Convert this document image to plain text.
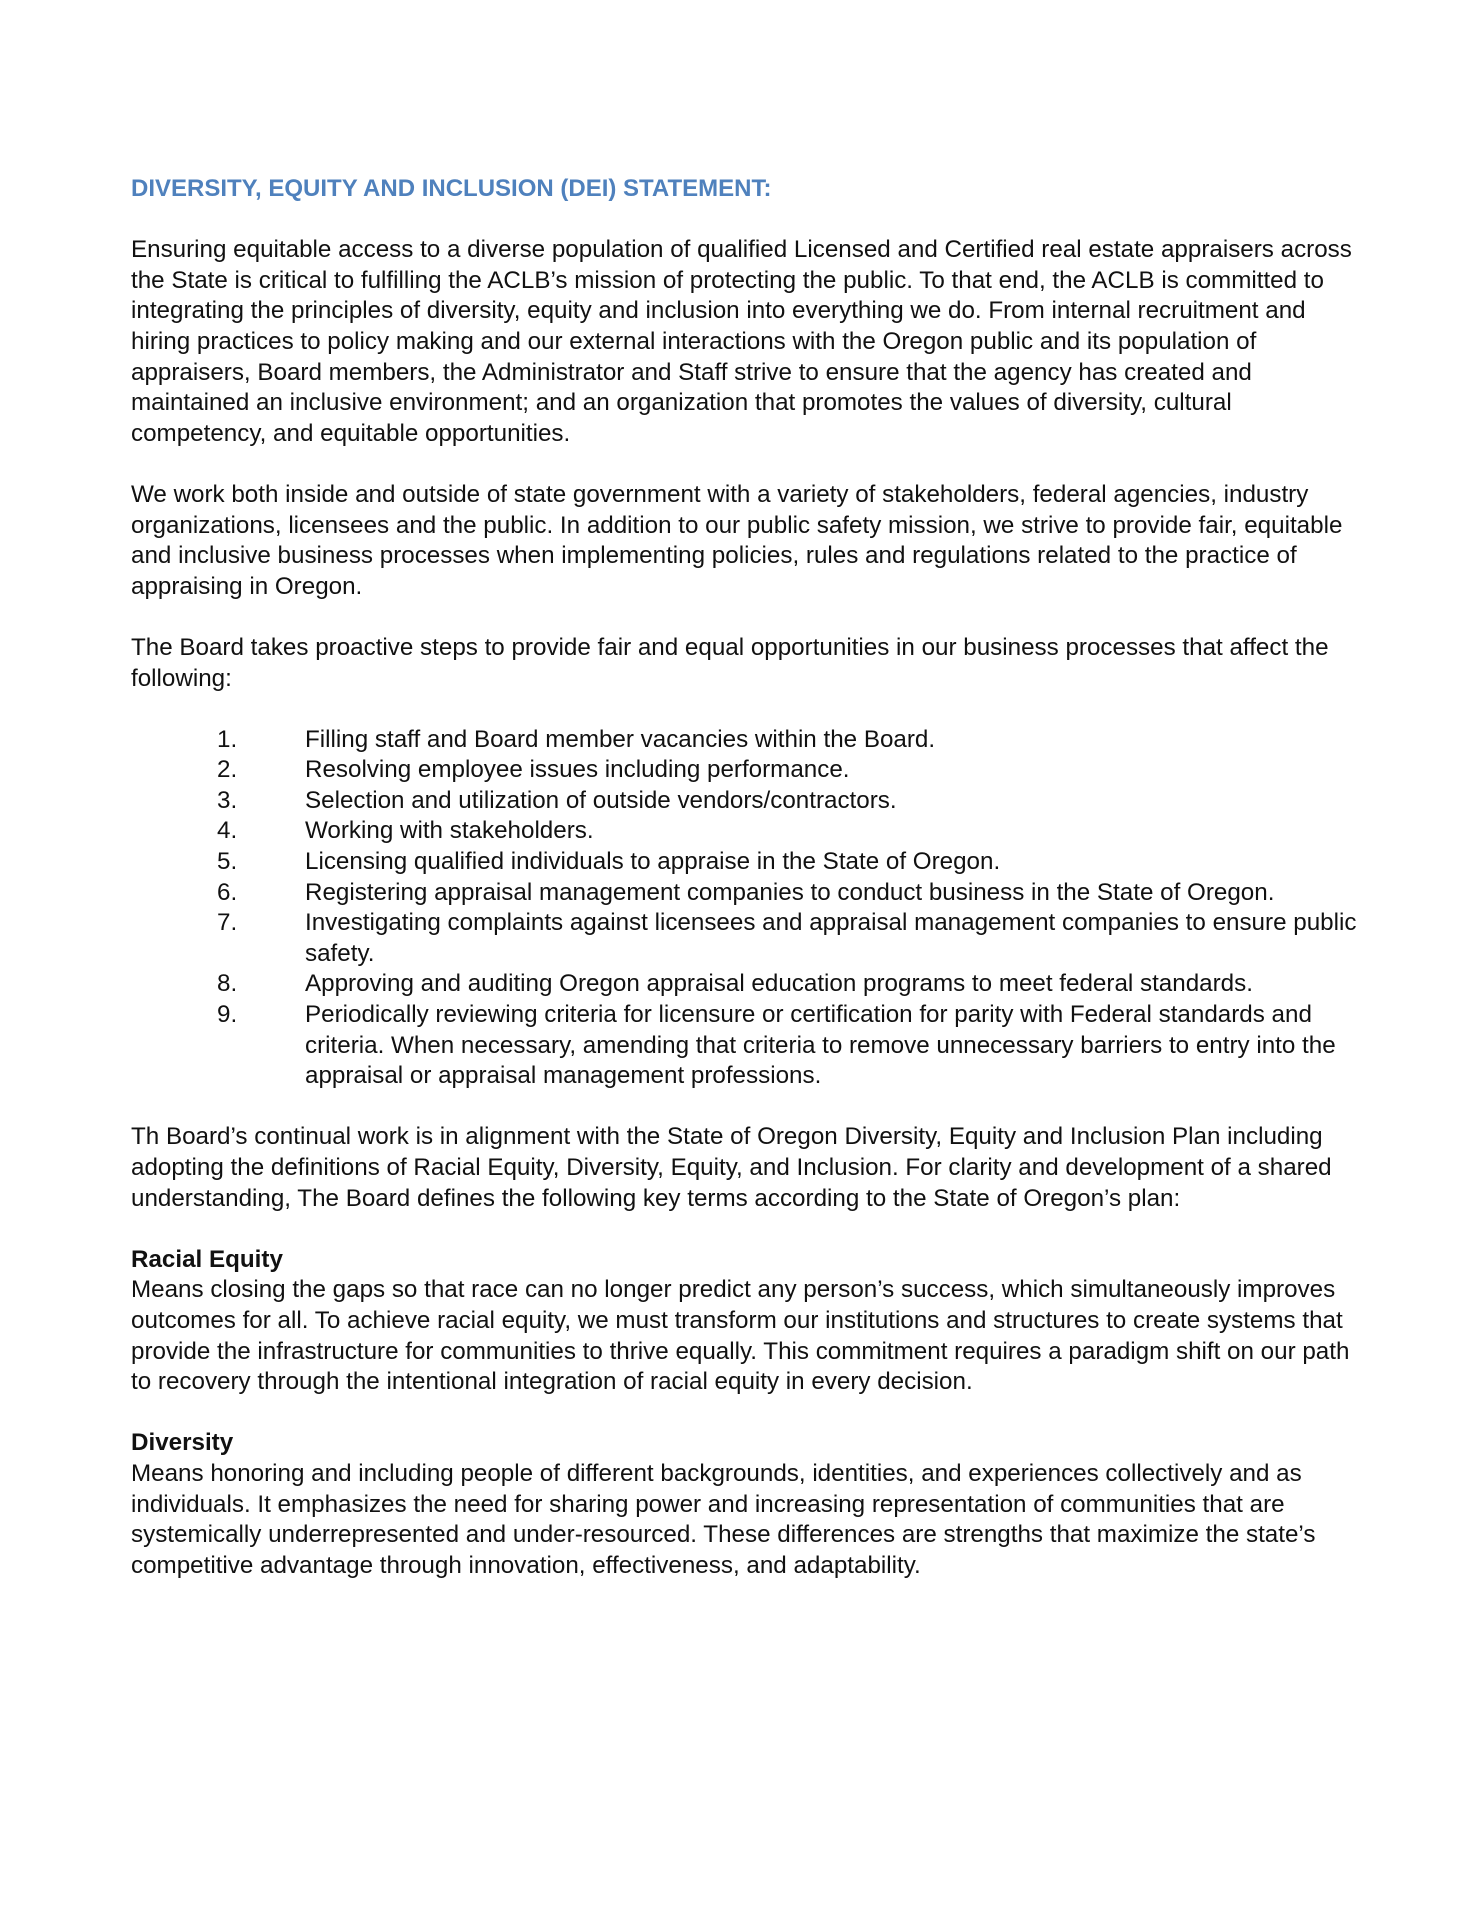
DIVERSITY, EQUITY AND INCLUSION (DEI) STATEMENT:

Ensuring equitable access to a diverse population of qualified Licensed and Certified real estate appraisers across the State is critical to fulfilling the ACLB’s mission of protecting the public. To that end, the ACLB is committed to integrating the principles of diversity, equity and inclusion into everything we do. From internal recruitment and hiring practices to policy making and our external interactions with the Oregon public and its population of appraisers, Board members, the Administrator and Staff strive to ensure that the agency has created and maintained an inclusive environment; and an organization that promotes the values of diversity, cultural competency, and equitable opportunities.

We work both inside and outside of state government with a variety of stakeholders, federal agencies, industry organizations, licensees and the public. In addition to our public safety mission, we strive to provide fair, equitable and inclusive business processes when implementing policies, rules and regulations related to the practice of appraising in Oregon.

The Board takes proactive steps to provide fair and equal opportunities in our business processes that affect the following:

1.	Filling staff and Board member vacancies within the Board.
2.	Resolving employee issues including performance.
3.	Selection and utilization of outside vendors/contractors.
4.	Working with stakeholders.
5.	Licensing qualified individuals to appraise in the State of Oregon.
6.	Registering appraisal management companies to conduct business in the State of Oregon.
7.	Investigating complaints against licensees and appraisal management companies to ensure public safety.
8.	Approving and auditing Oregon appraisal education programs to meet federal standards.
9.	Periodically reviewing criteria for licensure or certification for parity with Federal standards and criteria. When necessary, amending that criteria to remove unnecessary barriers to entry into the appraisal or appraisal management professions.

Th Board’s continual work is in alignment with the State of Oregon Diversity, Equity and Inclusion Plan including adopting the definitions of Racial Equity, Diversity, Equity, and Inclusion. For clarity and development of a shared understanding, The Board defines the following key terms according to the State of Oregon’s plan:

Racial Equity

Means closing the gaps so that race can no longer predict any person’s success, which simultaneously improves outcomes for all. To achieve racial equity, we must transform our institutions and structures to create systems that provide the infrastructure for communities to thrive equally. This commitment requires a paradigm shift on our path to recovery through the intentional integration of racial equity in every decision.

Diversity

Means honoring and including people of different backgrounds, identities, and experiences collectively and as individuals. It emphasizes the need for sharing power and increasing representation of communities that are systemically underrepresented and under-resourced. These differences are strengths that maximize the state’s competitive advantage through innovation, effectiveness, and adaptability.
